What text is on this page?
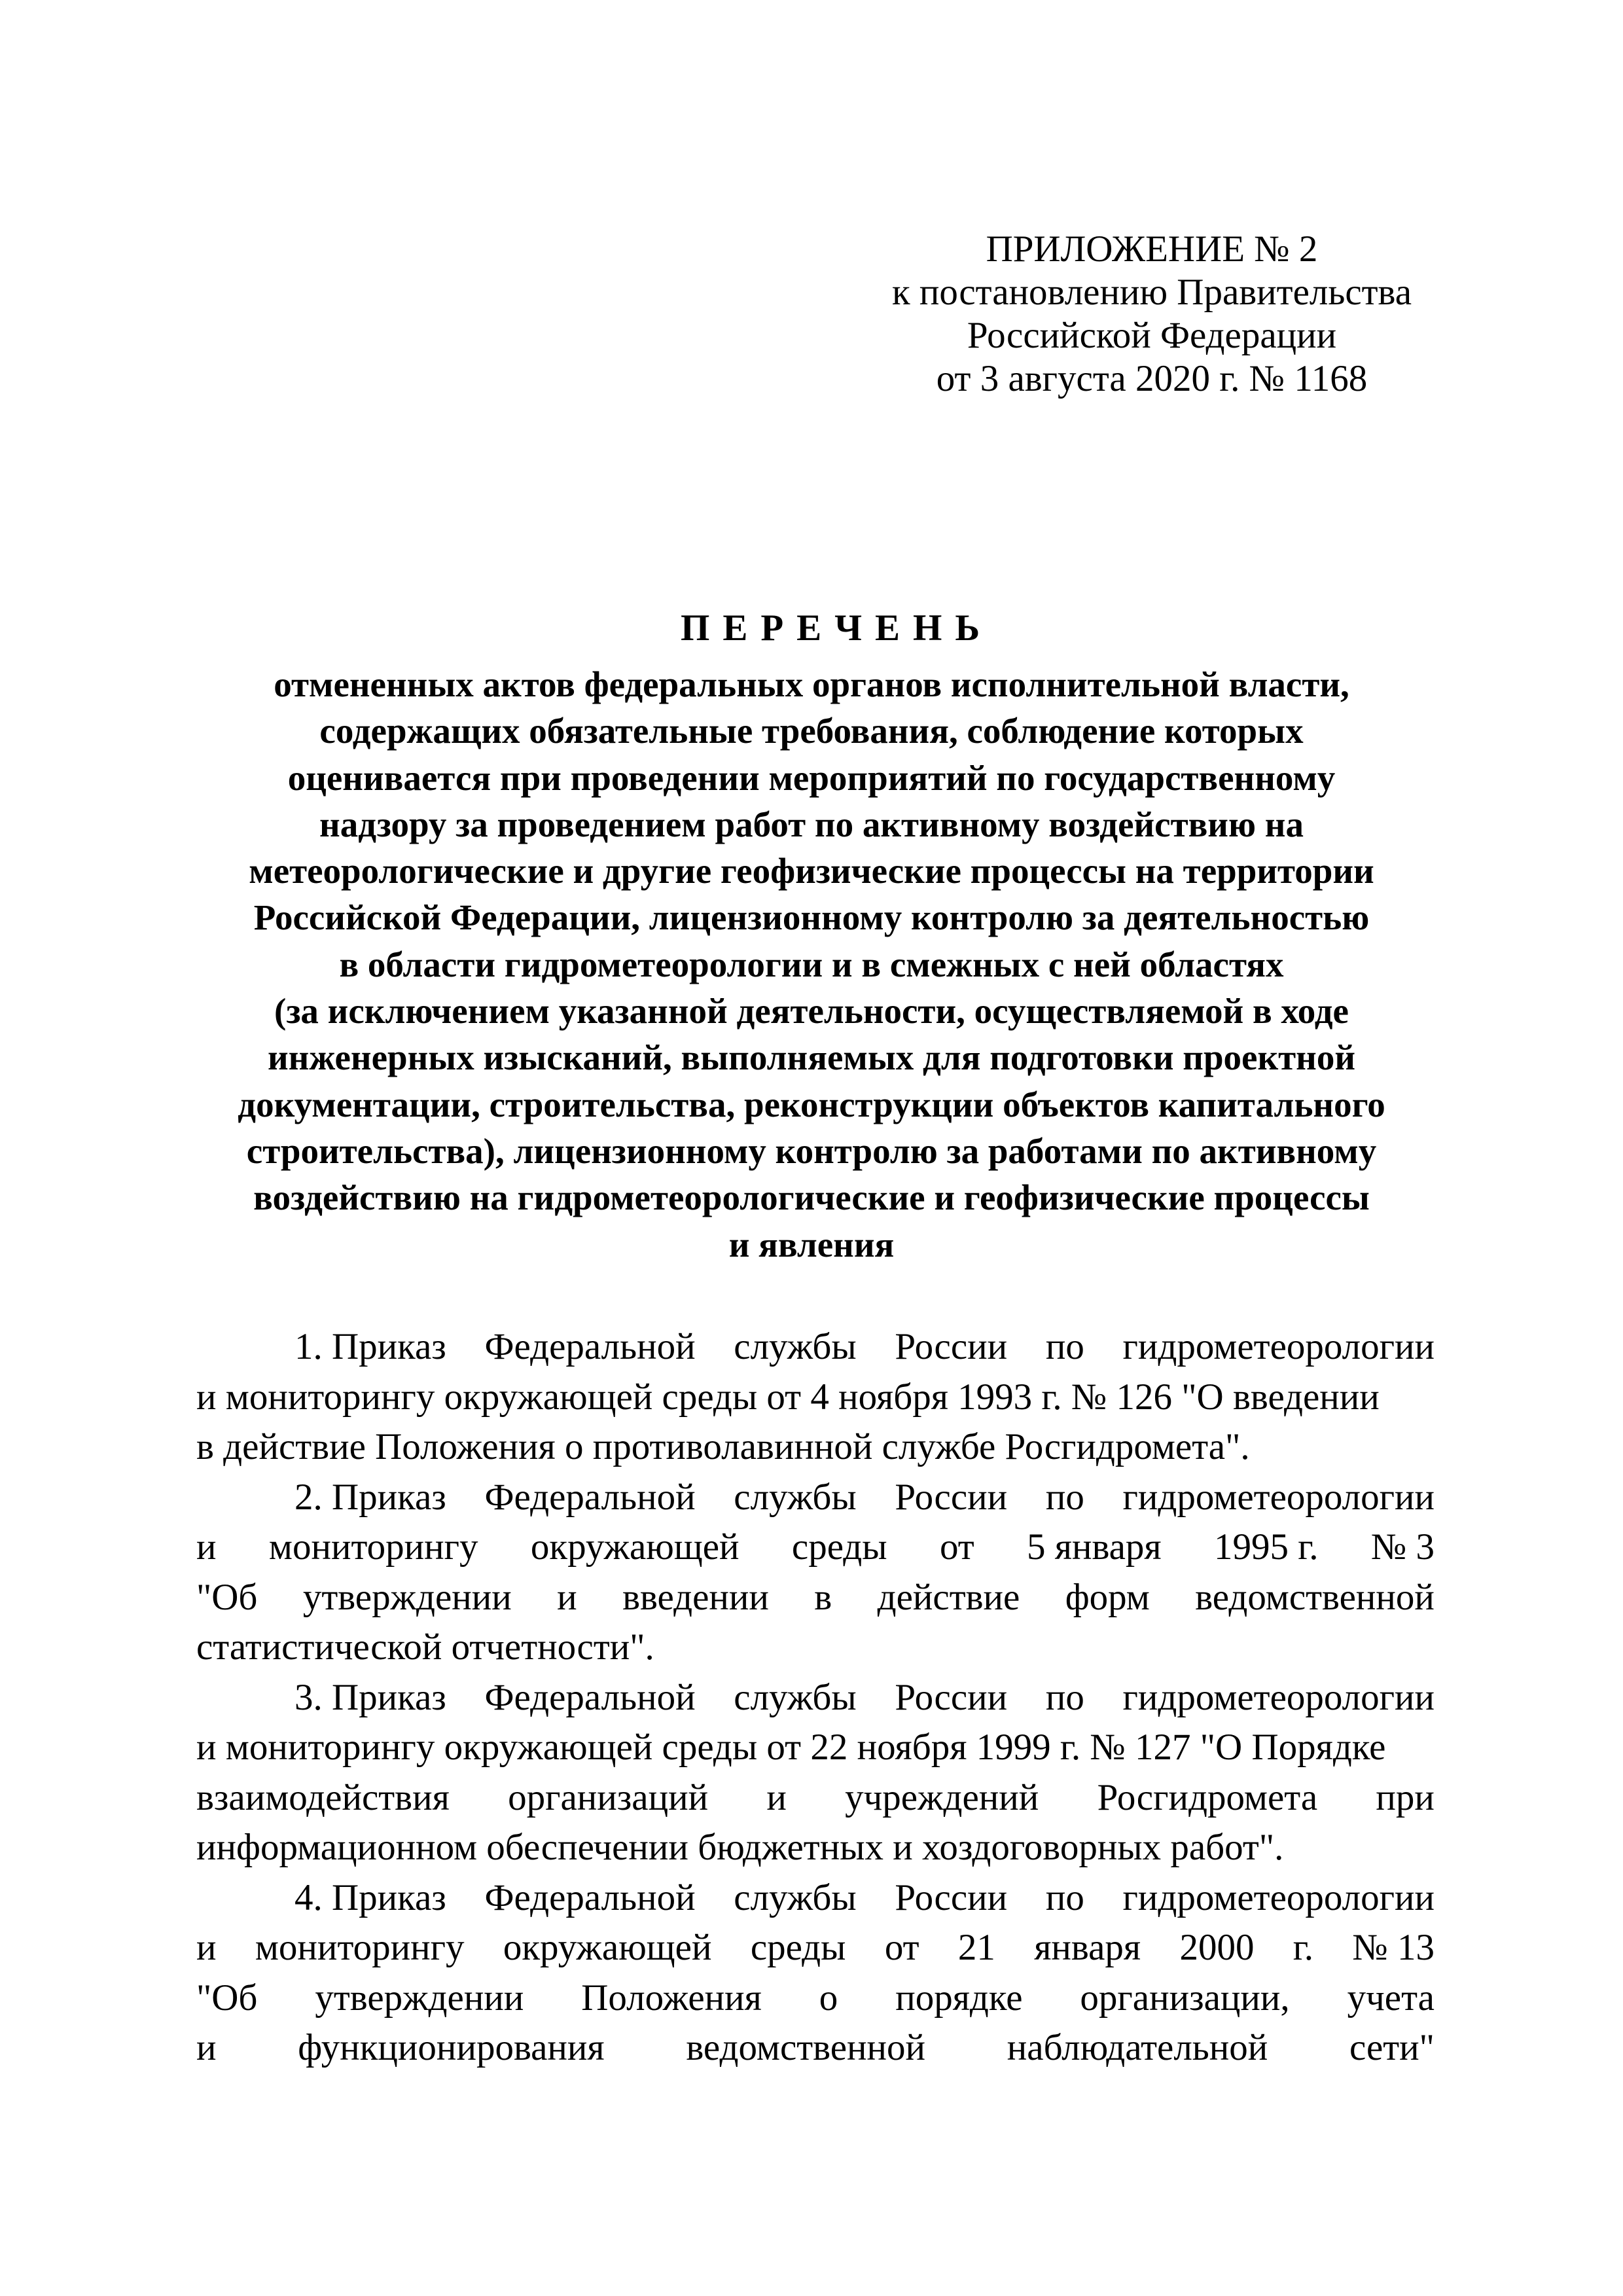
ПРИЛОЖЕНИЕ № 2
к постановлению Правительства
Российской Федерации
от 3 августа 2020 г. № 1168
ПЕРЕЧЕНЬ
отмененных актов федеральных органов исполнительной власти,
содержащих обязательные требования, соблюдение которых
оценивается при проведении мероприятий по государственному
надзору за проведением работ по активному воздействию на
метеорологические и другие геофизические процессы на территории
Российской Федерации, лицензионному контролю за деятельностью
в области гидрометеорологии и в смежных с ней областях
(за исключением указанной деятельности, осуществляемой в ходе
инженерных изысканий, выполняемых для подготовки проектной
документации, строительства, реконструкции объектов капитального
строительства), лицензионному контролю за работами по активному
воздействию на гидрометеорологические и геофизические процессы
и явления
1. Приказ Федеральной службы России по гидрометеорологии
и мониторингу окружающей среды от 4 ноября 1993 г. № 126 "О введении
в действие Положения о противолавинной службе Росгидромета".
2. Приказ Федеральной службы России по гидрометеорологии
и мониторингу окружающей среды от 5 января 1995 г. № 3
"Об утверждении и введении в действие форм ведомственной
статистической отчетности".
3. Приказ Федеральной службы России по гидрометеорологии
и мониторингу окружающей среды от 22 ноября 1999 г. № 127 "О Порядке
взаимодействия организаций и учреждений Росгидромета при
информационном обеспечении бюджетных и хоздоговорных работ".
4. Приказ Федеральной службы России по гидрометеорологии
и мониторингу окружающей среды от 21 января 2000 г. № 13
"Об утверждении Положения о порядке организации, учета
и функционирования ведомственной наблюдательной сети"
